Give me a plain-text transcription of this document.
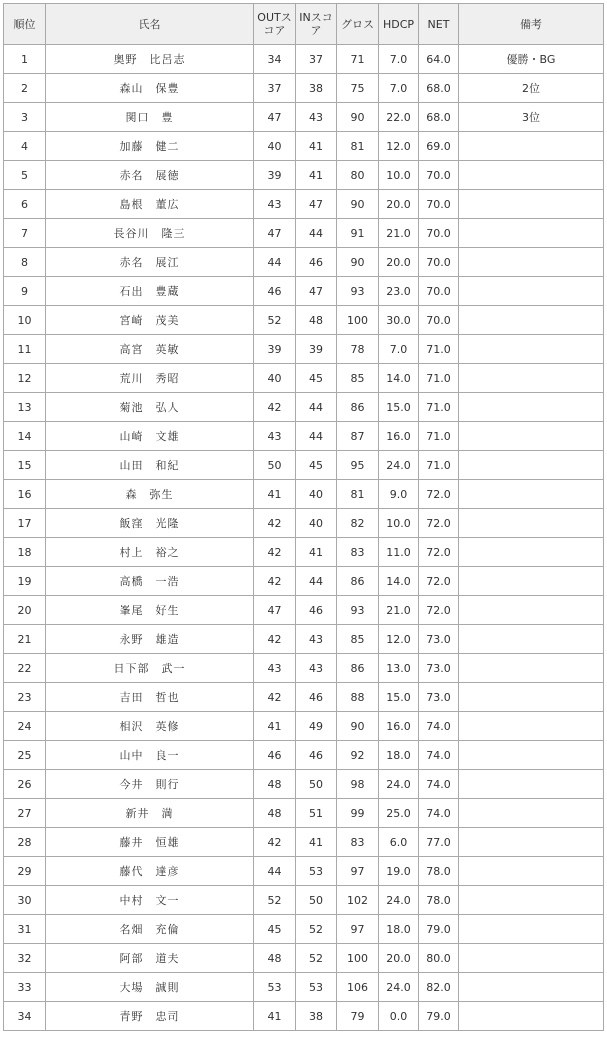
順位	氏名	OUTスコア	INスコア	グロス	HDCP	NET	備考
1	奥野　比呂志	34	37	71	7.0	64.0	優勝・BG
2	森山　保豊	37	38	75	7.0	68.0	2位
3	関口　豊	47	43	90	22.0	68.0	3位
4	加藤　健二	40	41	81	12.0	69.0	
5	赤名　展徳	39	41	80	10.0	70.0	
6	島根　董広	43	47	90	20.0	70.0	
7	長谷川　隆三	47	44	91	21.0	70.0	
8	赤名　展江	44	46	90	20.0	70.0	
9	石出　豊蔵	46	47	93	23.0	70.0	
10	宮崎　茂美	52	48	100	30.0	70.0	
11	高宮　英敏	39	39	78	7.0	71.0	
12	荒川　秀昭	40	45	85	14.0	71.0	
13	菊池　弘人	42	44	86	15.0	71.0	
14	山崎　文雄	43	44	87	16.0	71.0	
15	山田　和紀	50	45	95	24.0	71.0	
16	森　弥生	41	40	81	9.0	72.0	
17	飯窪　光隆	42	40	82	10.0	72.0	
18	村上　裕之	42	41	83	11.0	72.0	
19	高橋　一浩	42	44	86	14.0	72.0	
20	峯尾　好生	47	46	93	21.0	72.0	
21	永野　雄造	42	43	85	12.0	73.0	
22	日下部　武一	43	43	86	13.0	73.0	
23	吉田　哲也	42	46	88	15.0	73.0	
24	相沢　英修	41	49	90	16.0	74.0	
25	山中　良一	46	46	92	18.0	74.0	
26	今井　則行	48	50	98	24.0	74.0	
27	新井　満	48	51	99	25.0	74.0	
28	藤井　恒雄	42	41	83	6.0	77.0	
29	藤代　達彦	44	53	97	19.0	78.0	
30	中村　文一	52	50	102	24.0	78.0	
31	名畑　充倫	45	52	97	18.0	79.0	
32	阿部　道夫	48	52	100	20.0	80.0	
33	大場　誠則	53	53	106	24.0	82.0	
34	青野　忠司	41	38	79	0.0	79.0	
